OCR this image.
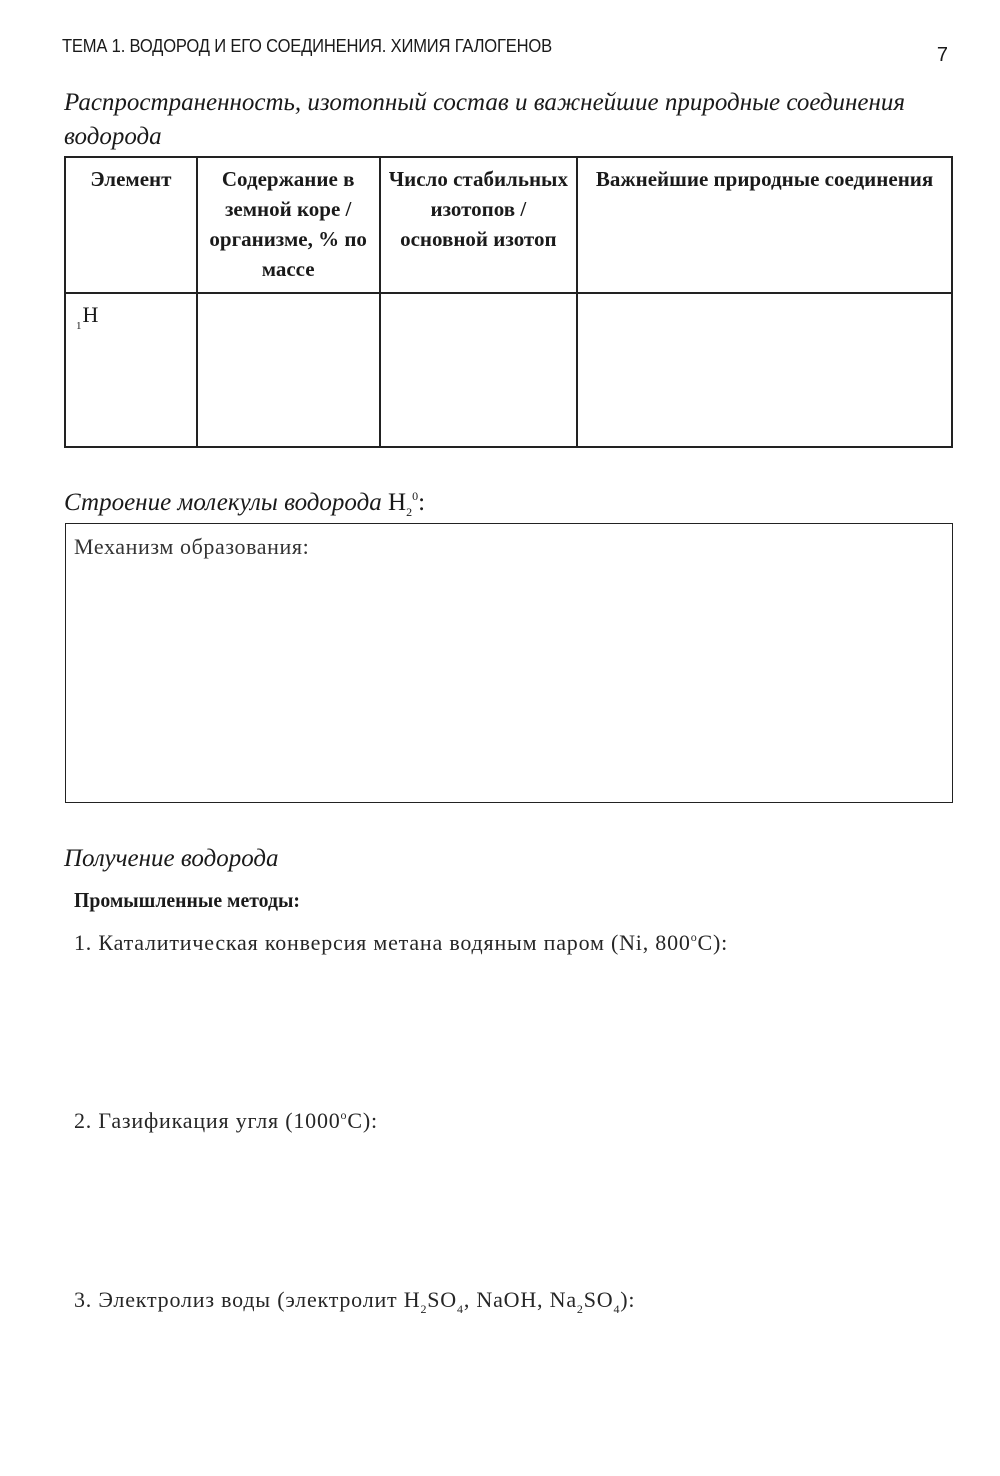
ТЕМА 1. ВОДОРОД И ЕГО СОЕДИНЕНИЯ. ХИМИЯ ГАЛОГЕНОВ	7
Распространенность, изотопный состав и важнейшие природные соединения водорода
Элемент	Содержание в земной коре / организме, % по массе	Число стабильных изотопов / основной изотоп	Важнейшие природные соединения
$_1$H			
Строение молекулы водорода $H_2^0$:
Механизм образования:
Получение водорода
Промышленные методы:
1. Каталитическая конверсия метана водяным паром (Ni, $800^оС$):
2. Газификация угля $(1000^оС)$:
3. Электролиз воды (электролит $H_2SO_4$, NaOH, $Na_2SO_4$):
